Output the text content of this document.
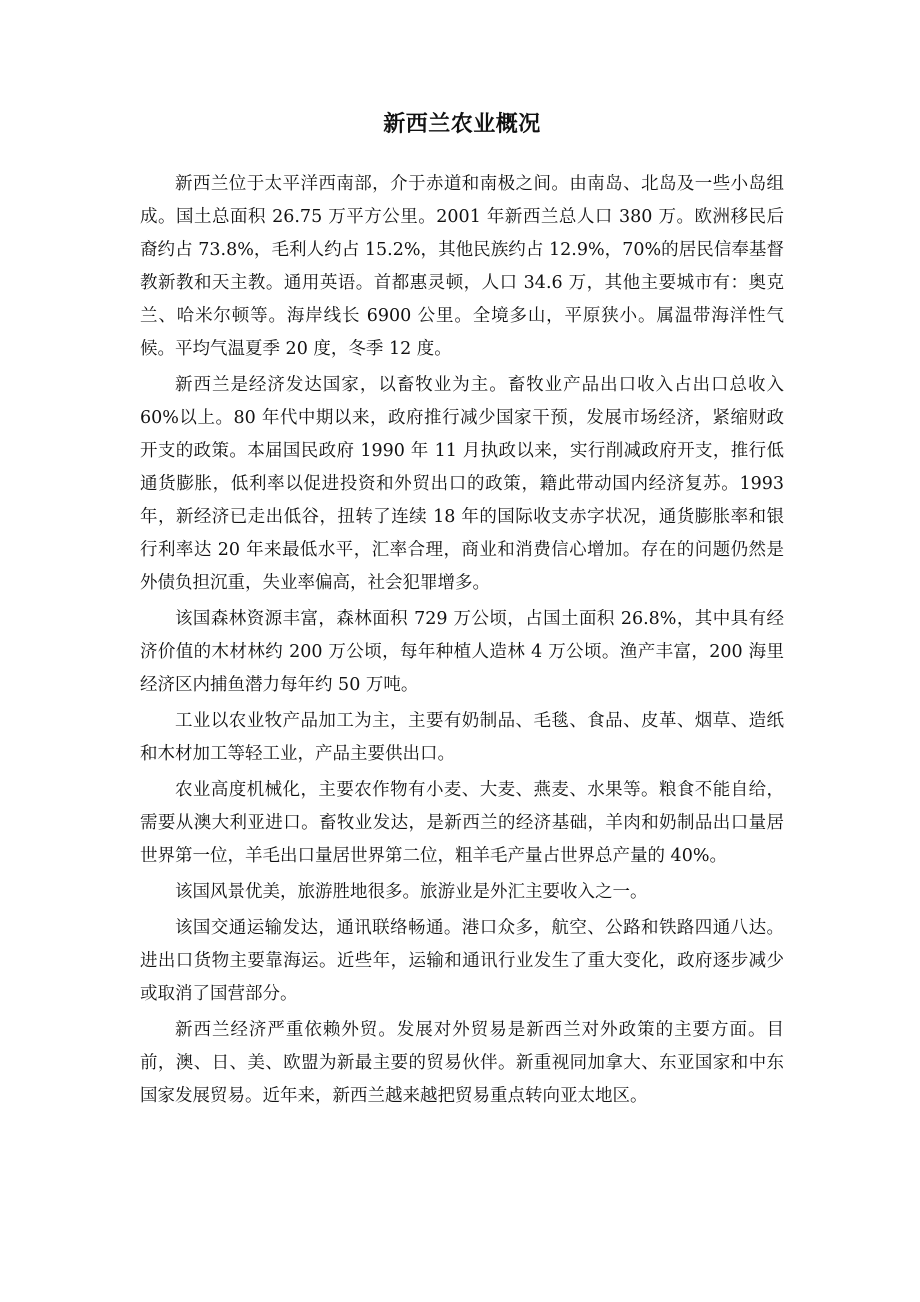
新西兰农业概况

新西兰位于太平洋西南部，介于赤道和南极之间。由南岛、北岛及一些小岛组成。国土总面积 26.75 万平方公里。2001 年新西兰总人口 380 万。欧洲移民后裔约占 73.8%，毛利人约占 15.2%，其他民族约占 12.9%，70%的居民信奉基督教新教和天主教。通用英语。首都惠灵顿，人口 34.6 万，其他主要城市有：奥克兰、哈米尔顿等。海岸线长 6900 公里。全境多山，平原狭小。属温带海洋性气候。平均气温夏季 20 度，冬季 12 度。

新西兰是经济发达国家，以畜牧业为主。畜牧业产品出口收入占出口总收入 60%以上。80 年代中期以来，政府推行减少国家干预，发展市场经济，紧缩财政开支的政策。本届国民政府 1990 年 11 月执政以来，实行削减政府开支，推行低通货膨胀，低利率以促进投资和外贸出口的政策，籍此带动国内经济复苏。1993 年，新经济已走出低谷，扭转了连续 18 年的国际收支赤字状况，通货膨胀率和银行利率达 20 年来最低水平，汇率合理，商业和消费信心增加。存在的问题仍然是外债负担沉重，失业率偏高，社会犯罪增多。

该国森林资源丰富，森林面积 729 万公顷，占国土面积 26.8%，其中具有经济价值的木材林约 200 万公顷，每年种植人造林 4 万公顷。渔产丰富，200 海里经济区内捕鱼潜力每年约 50 万吨。

工业以农业牧产品加工为主，主要有奶制品、毛毯、食品、皮革、烟草、造纸和木材加工等轻工业，产品主要供出口。

农业高度机械化，主要农作物有小麦、大麦、燕麦、水果等。粮食不能自给，需要从澳大利亚进口。畜牧业发达，是新西兰的经济基础，羊肉和奶制品出口量居世界第一位，羊毛出口量居世界第二位，粗羊毛产量占世界总产量的 40%。

该国风景优美，旅游胜地很多。旅游业是外汇主要收入之一。

该国交通运输发达，通讯联络畅通。港口众多，航空、公路和铁路四通八达。进出口货物主要靠海运。近些年，运输和通讯行业发生了重大变化，政府逐步减少或取消了国营部分。

新西兰经济严重依赖外贸。发展对外贸易是新西兰对外政策的主要方面。目前，澳、日、美、欧盟为新最主要的贸易伙伴。新重视同加拿大、东亚国家和中东国家发展贸易。近年来，新西兰越来越把贸易重点转向亚太地区。
